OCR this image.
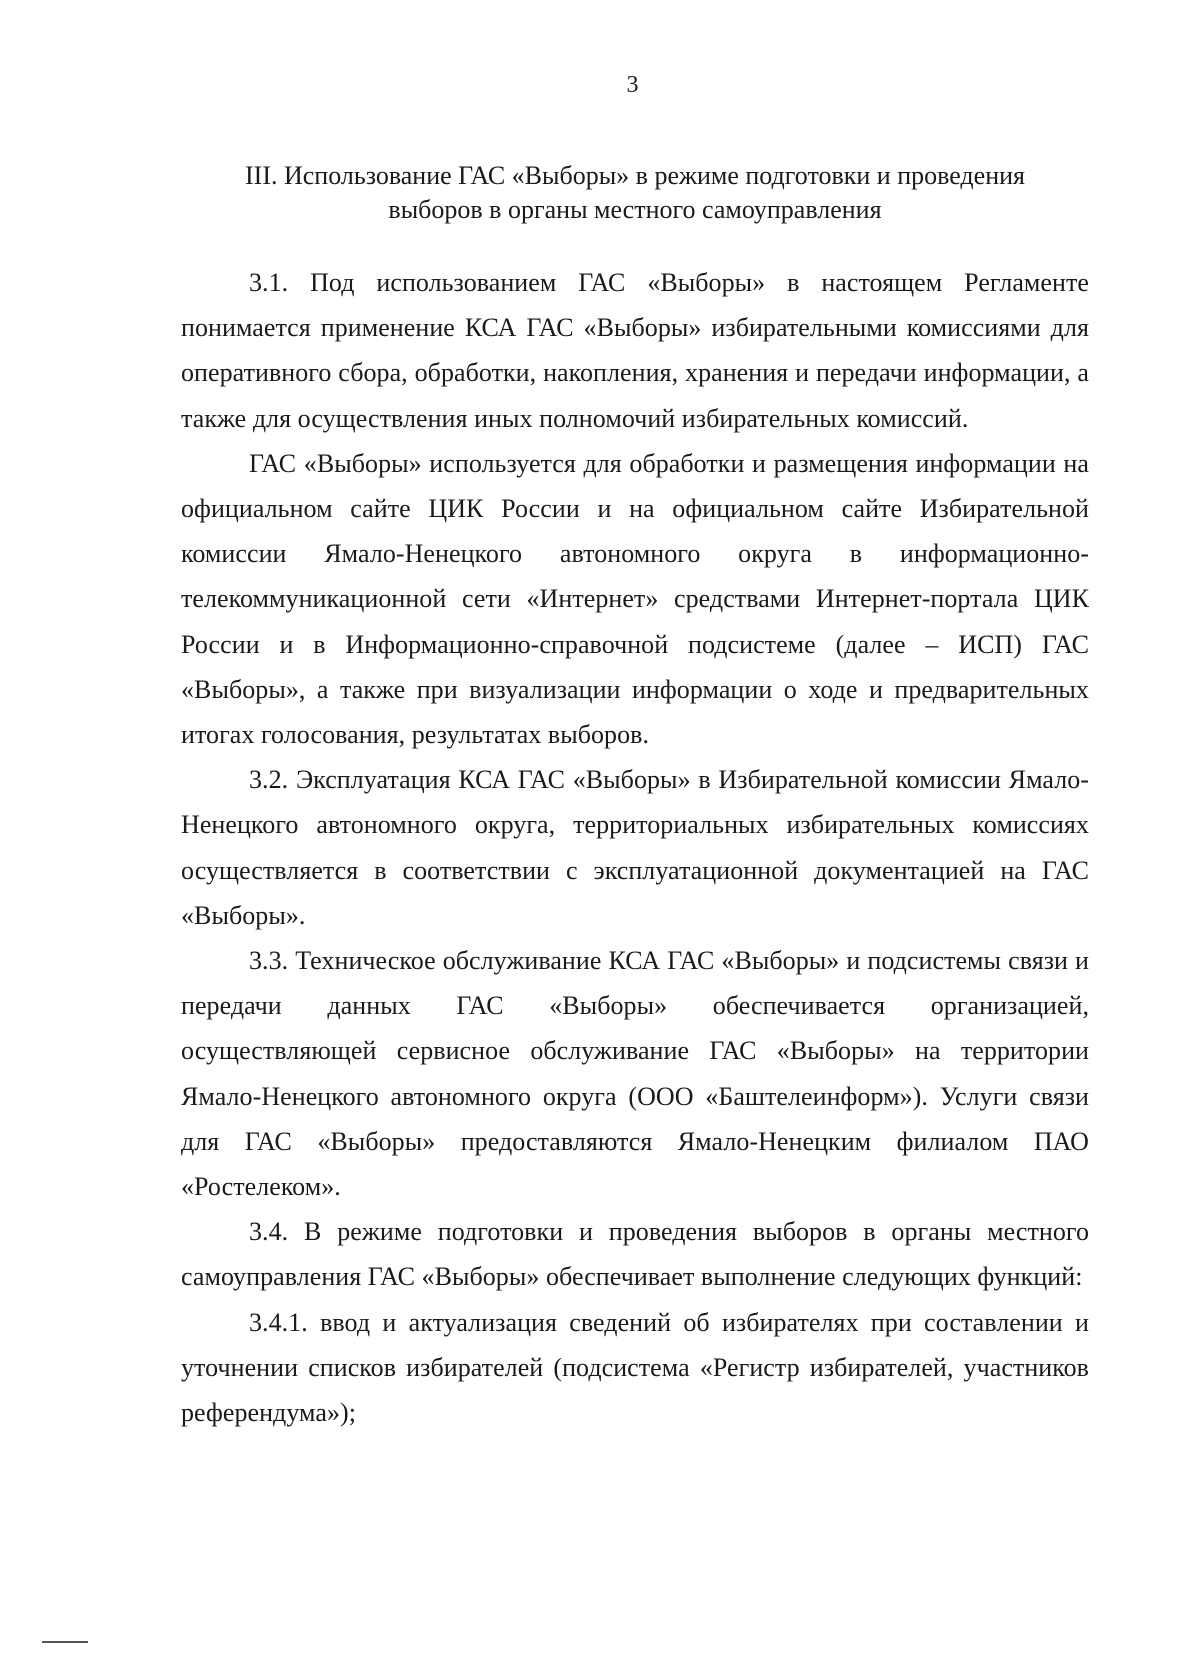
3
III. Использование ГАС «Выборы» в режиме подготовки и проведения
выборов в органы местного самоуправления

3.1. Под использованием ГАС «Выборы» в настоящем Регламенте понимается применение КСА ГАС «Выборы» избирательными комиссиями для оперативного сбора, обработки, накопления, хранения и передачи информации, а также для осуществления иных полномочий избирательных комиссий.

ГАС «Выборы» используется для обработки и размещения информации на официальном сайте ЦИК России и на официальном сайте Избирательной комиссии Ямало-Ненецкого автономного округа в информационно-телекоммуникационной сети «Интернет» средствами Интернет-портала ЦИК России и в Информационно-справочной подсистеме (далее – ИСП) ГАС «Выборы», а также при визуализации информации о ходе и предварительных итогах голосования, результатах выборов.

3.2. Эксплуатация КСА ГАС «Выборы» в Избирательной комиссии Ямало-Ненецкого автономного округа, территориальных избирательных комиссиях осуществляется в соответствии с эксплуатационной документацией на ГАС «Выборы».

3.3. Техническое обслуживание КСА ГАС «Выборы» и подсистемы связи и передачи данных ГАС «Выборы» обеспечивается организацией, осуществляющей сервисное обслуживание ГАС «Выборы» на территории Ямало-Ненецкого автономного округа (ООО «Баштелеинформ»). Услуги связи для ГАС «Выборы» предоставляются Ямало-Ненецким филиалом ПАО «Ростелеком».

3.4. В режиме подготовки и проведения выборов в органы местного самоуправления ГАС «Выборы» обеспечивает выполнение следующих функций:

3.4.1. ввод и актуализация сведений об избирателях при составлении и уточнении списков избирателей (подсистема «Регистр избирателей, участников референдума»);
